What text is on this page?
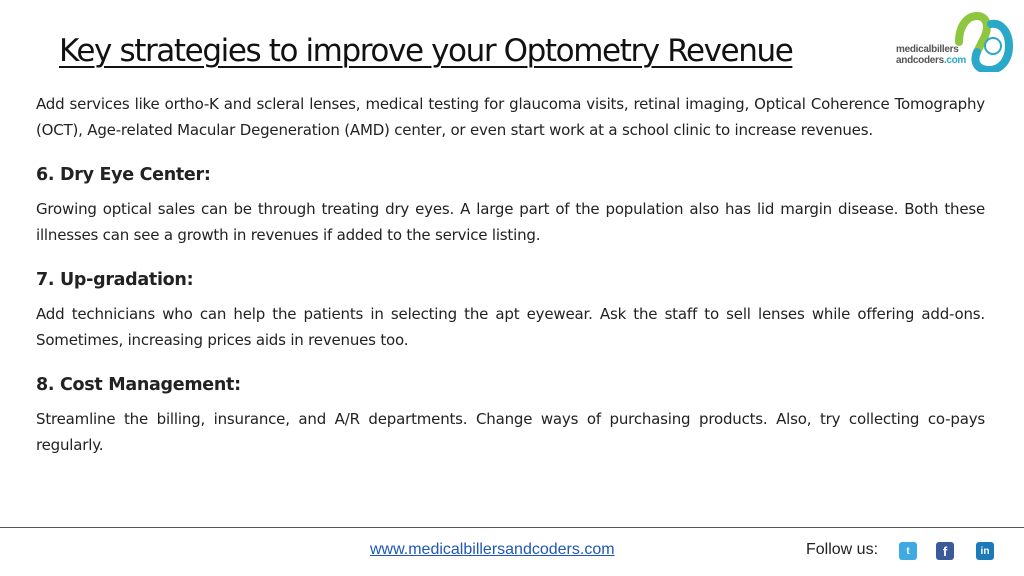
Key strategies to improve your Optometry Revenue	medicalbillers
andcoders.com

Add services like ortho-K and scleral lenses, medical testing for glaucoma visits, retinal imaging, Optical Coherence Tomography (OCT), Age-related Macular Degeneration (AMD) center, or even start work at a school clinic to increase revenues.

6. Dry Eye Center:

Growing optical sales can be through treating dry eyes. A large part of the population also has lid margin disease. Both these illnesses can see a growth in revenues if added to the service listing.

7. Up-gradation:

Add technicians who can help the patients in selecting the apt eyewear. Ask the staff to sell lenses while offering add-ons. Sometimes, increasing prices aids in revenues too.

8. Cost Management:

Streamline the billing, insurance, and A/R departments. Change ways of purchasing products. Also, try collecting co-pays regularly.

www.medicalbillersandcoders.com	Follow us:	t	f	in
